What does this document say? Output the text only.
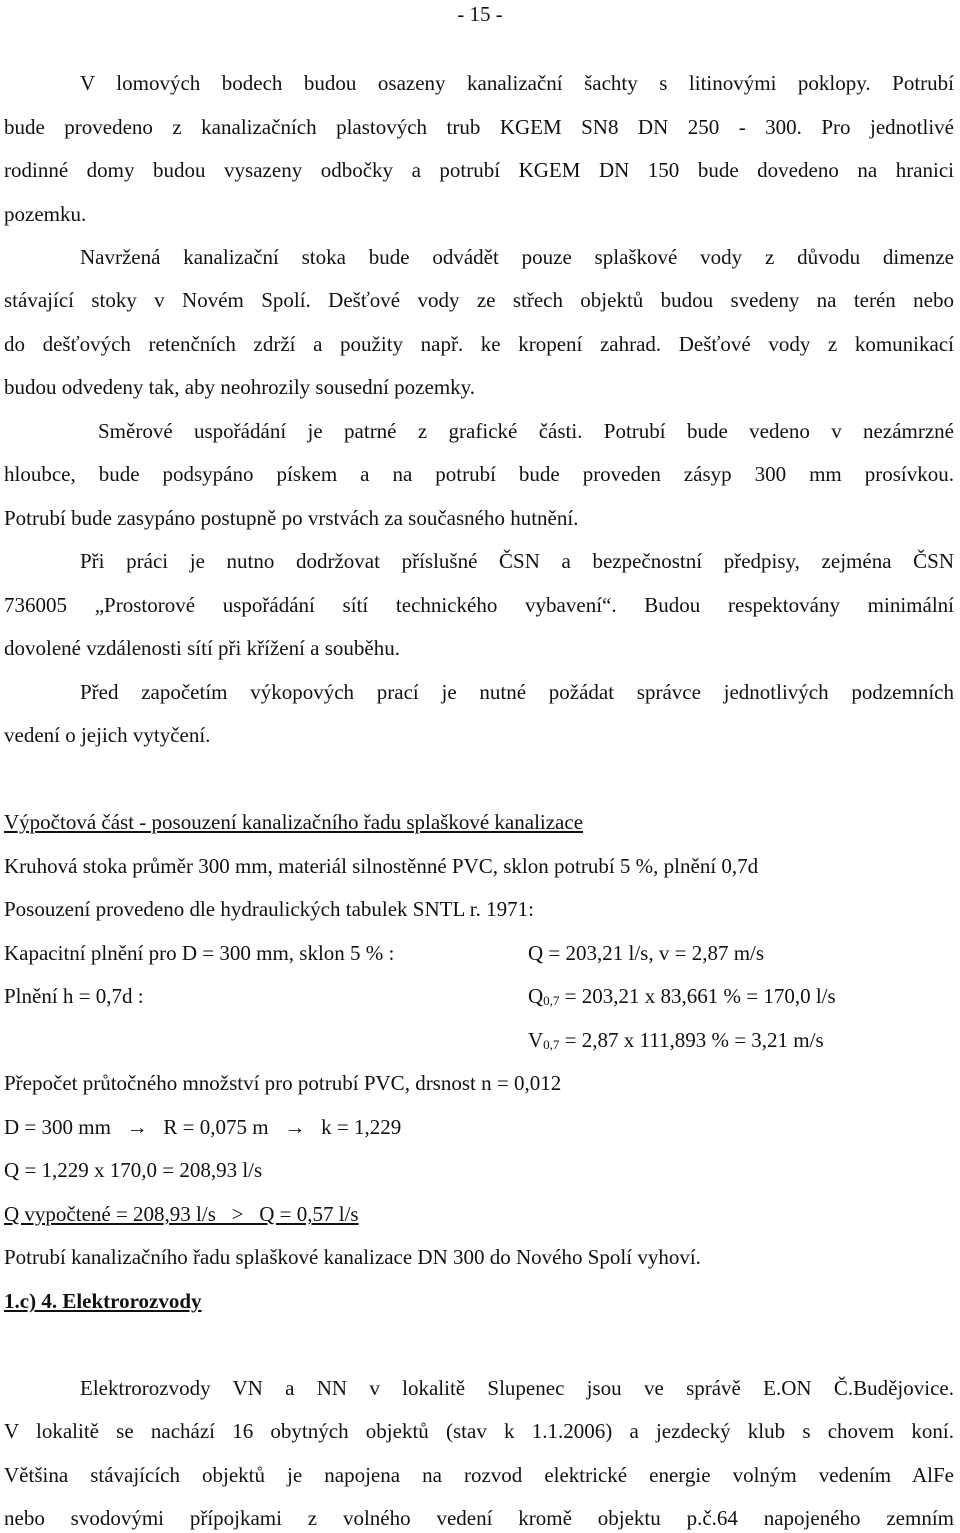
- 15 -
V lomových bodech budou osazeny kanalizační šachty s litinovými poklopy. Potrubí
bude provedeno z kanalizačních plastových trub KGEM SN8 DN 250 - 300. Pro jednotlivé
rodinné domy budou vysazeny odbočky a potrubí KGEM DN 150 bude dovedeno na hranici
pozemku.
Navržená kanalizační stoka bude odvádět pouze splaškové vody z důvodu dimenze
stávající stoky v Novém Spolí. Dešťové vody ze střech objektů budou svedeny na terén nebo
do dešťových retenčních zdrží a použity např. ke kropení zahrad. Dešťové vody z komunikací
budou odvedeny tak, aby neohrozily sousední pozemky.
Směrové uspořádání je patrné z grafické části. Potrubí bude vedeno v nezámrzné
hloubce, bude podsypáno pískem a na potrubí bude proveden zásyp 300 mm prosívkou.
Potrubí bude zasypáno postupně po vrstvách za současného hutnění.
Při práci je nutno dodržovat příslušné ČSN a bezpečnostní předpisy, zejména ČSN
736005 „Prostorové uspořádání sítí technického vybavení“. Budou respektovány minimální
dovolené vzdálenosti sítí při křížení a souběhu.
Před započetím výkopových prací je nutné požádat správce jednotlivých podzemních
vedení o jejich vytyčení.
Výpočtová část - posouzení kanalizačního řadu splaškové kanalizace
Kruhová stoka průměr 300 mm, materiál silnostěnné PVC, sklon potrubí 5 %, plnění 0,7d
Posouzení provedeno dle hydraulických tabulek SNTL r. 1971:
Kapacitní plnění pro D = 300 mm, sklon 5 % :	Q = 203,21 l/s, v = 2,87 m/s
Plnění h = 0,7d :	$Q_{0,7} = 203,21$ x 83,661 % = 170,0 l/s
$V_{0,7} = 2,87$ x 111,893 % = 3,21 m/s
Přepočet průtočného množství pro potrubí PVC, drsnost n = 0,012
D = 300 mm   →   R = 0,075 m   →   k = 1,229
Q = 1,229 x 170,0 = 208,93 l/s
Q vypočtené = 208,93 l/s   >   Q = 0,57 l/s
Potrubí kanalizačního řadu splaškové kanalizace DN 300 do Nového Spolí vyhoví.
1.c) 4. Elektrorozvody
Elektrorozvody VN a NN v lokalitě Slupenec jsou ve správě E.ON Č.Budějovice.
V lokalitě se nachází 16 obytných objektů (stav k 1.1.2006) a jezdecký klub s chovem koní.
Většina stávajících objektů je napojena na rozvod elektrické energie volným vedením AlFe
nebo svodovými přípojkami z volného vedení kromě objektu p.č.64 napojeného zemním
